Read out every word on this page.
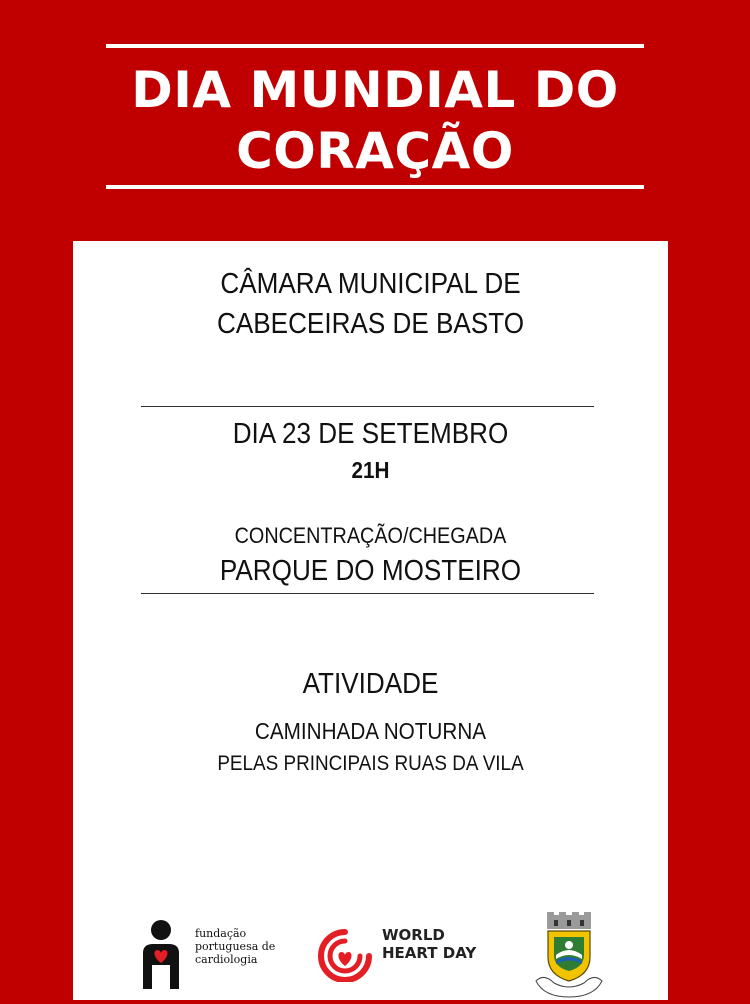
DIA MUNDIAL DO
CORAÇÃO
CÂMARA MUNICIPAL DE
CABECEIRAS DE BASTO
DIA 23 DE SETEMBRO
21H
CONCENTRAÇÃO/CHEGADA
PARQUE DO MOSTEIRO
ATIVIDADE
CAMINHADA NOTURNA
PELAS PRINCIPAIS RUAS DA VILA
fundação
portuguesa de
cardiologia
WORLD
HEART DAY
